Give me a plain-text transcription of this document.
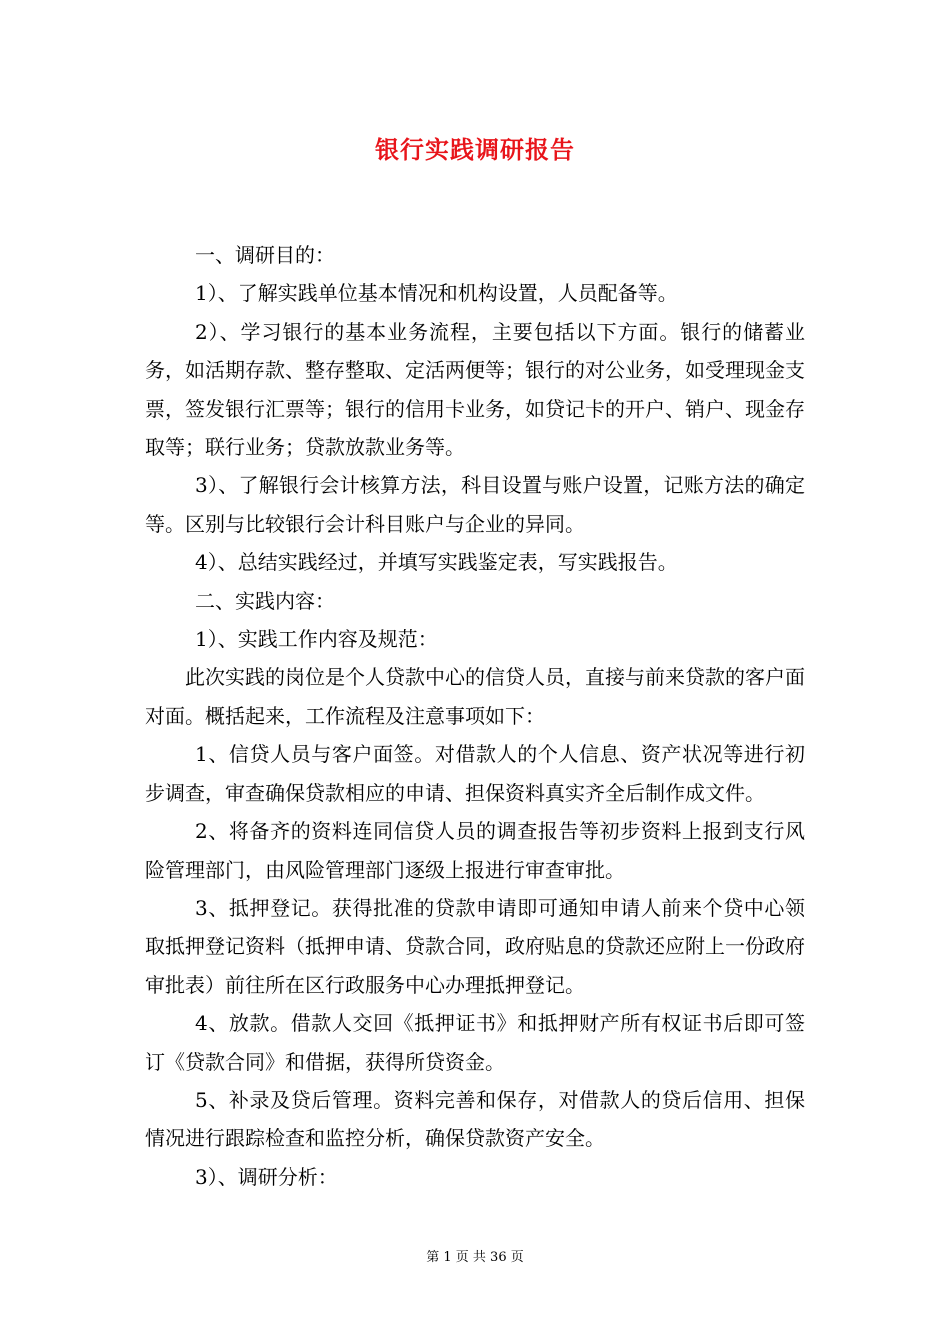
银行实践调研报告

一、调研目的：

1）、了解实践单位基本情况和机构设置，人员配备等。

2）、学习银行的基本业务流程，主要包括以下方面。银行的储蓄业务，如活期存款、整存整取、定活两便等；银行的对公业务，如受理现金支票，签发银行汇票等；银行的信用卡业务，如贷记卡的开户、销户、现金存取等；联行业务；贷款放款业务等。

3）、了解银行会计核算方法，科目设置与账户设置，记账方法的确定等。区别与比较银行会计科目账户与企业的异同。

4）、总结实践经过，并填写实践鉴定表，写实践报告。

二、实践内容：

1）、实践工作内容及规范：

此次实践的岗位是个人贷款中心的信贷人员，直接与前来贷款的客户面对面。概括起来，工作流程及注意事项如下：

1、信贷人员与客户面签。对借款人的个人信息、资产状况等进行初步调查，审查确保贷款相应的申请、担保资料真实齐全后制作成文件。

2、将备齐的资料连同信贷人员的调查报告等初步资料上报到支行风险管理部门，由风险管理部门逐级上报进行审查审批。

3、抵押登记。获得批准的贷款申请即可通知申请人前来个贷中心领取抵押登记资料（抵押申请、贷款合同，政府贴息的贷款还应附上一份政府审批表）前往所在区行政服务中心办理抵押登记。

4、放款。借款人交回《抵押证书》和抵押财产所有权证书后即可签订《贷款合同》和借据，获得所贷资金。

5、补录及贷后管理。资料完善和保存，对借款人的贷后信用、担保情况进行跟踪检查和监控分析，确保贷款资产安全。

3）、调研分析：

第 1 页 共 36 页
